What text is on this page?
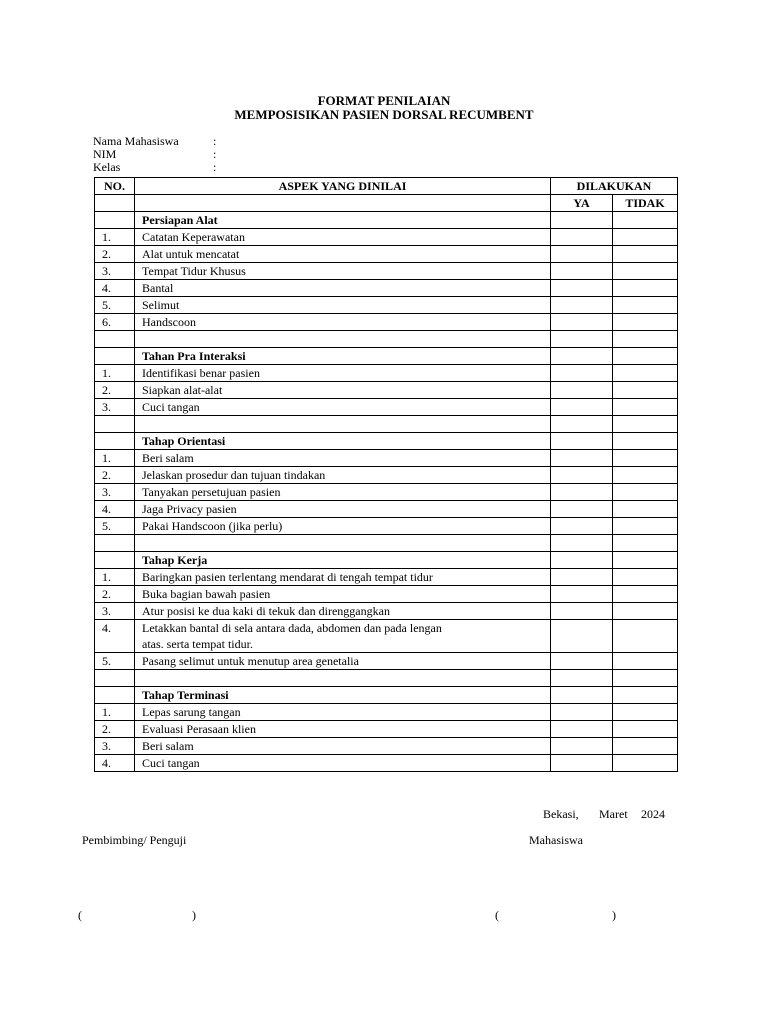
FORMAT PENILAIAN
MEMPOSISIKAN PASIEN DORSAL RECUMBENT
Nama Mahasiswa	:
NIM	:
Kelas	:
NO.	ASPEK YANG DINILAI	DILAKUKAN	
		YA	TIDAK
	Persiapan Alat		
1.	Catatan Keperawatan		

2.	Alat untuk mencatat		

3.	Tempat Tidur Khusus		

4.	Bantal		

5.	Selimut		

6.	Handscoon		

	Tahan Pra Interaksi		
1.	Identifikasi benar pasien		

2.	Siapkan alat-alat		

3.	Cuci tangan		

	Tahap Orientasi		
1.	Beri salam		

2.	Jelaskan prosedur dan tujuan tindakan		

3.	Tanyakan persetujuan pasien		

4.	Jaga Privacy pasien		

5.	Pakai Handscoon (jika perlu)		

	Tahap Kerja		
1.	Baringkan pasien terlentang mendarat di tengah tempat tidur		

2.	Buka bagian bawah pasien		

3.	Atur posisi ke dua kaki di tekuk dan direnggangkan		

4.	Letakkan bantal di sela antara dada, abdomen dan pada lengan
atas. serta tempat tidur.		

5.	Pasang selimut untuk menutup area genetalia		

	Tahap Terminasi		
1.	Lepas sarung tangan		

2.	Evaluasi Perasaan klien		

3.	Beri salam		

4.	Cuci tangan		

Bekasi, Maret 2024
Pembimbing/ Penguji	Mahasiswa
(	)	(	)
